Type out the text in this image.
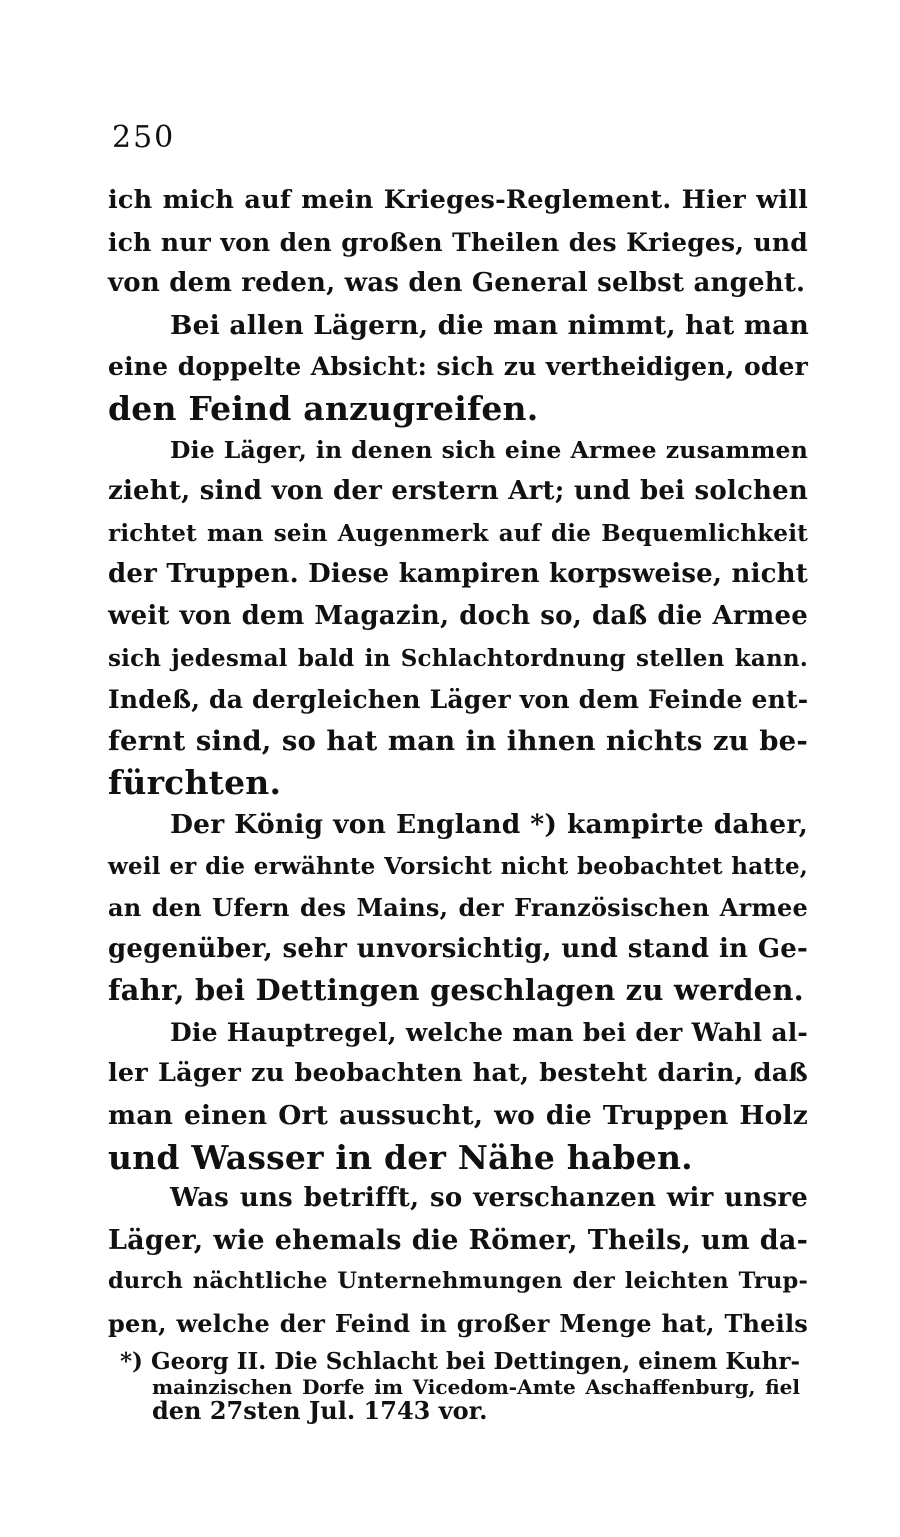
250
ich mich auf mein Krieges-Reglement. Hier will
ich nur von den großen Theilen des Krieges, und
von dem reden, was den General selbst angeht.
Bei allen Lägern, die man nimmt, hat man
eine doppelte Absicht: sich zu vertheidigen, oder
den Feind anzugreifen.
Die Läger, in denen sich eine Armee zusammen
zieht, sind von der erstern Art; und bei solchen
richtet man sein Augenmerk auf die Bequemlichkeit
der Truppen. Diese kampiren korpsweise, nicht
weit von dem Magazin, doch so, daß die Armee
sich jedesmal bald in Schlachtordnung stellen kann.
Indeß, da dergleichen Läger von dem Feinde ent-
fernt sind, so hat man in ihnen nichts zu be-
fürchten.
Der König von England *) kampirte daher,
weil er die erwähnte Vorsicht nicht beobachtet hatte,
an den Ufern des Mains, der Französischen Armee
gegenüber, sehr unvorsichtig, und stand in Ge-
fahr, bei Dettingen geschlagen zu werden.
Die Hauptregel, welche man bei der Wahl al-
ler Läger zu beobachten hat, besteht darin, daß
man einen Ort aussucht, wo die Truppen Holz
und Wasser in der Nähe haben.
Was uns betrifft, so verschanzen wir unsre
Läger, wie ehemals die Römer, Theils, um da-
durch nächtliche Unternehmungen der leichten Trup-
pen, welche der Feind in großer Menge hat, Theils
*) Georg II. Die Schlacht bei Dettingen, einem Kuhr-
mainzischen Dorfe im Vicedom-Amte Aschaffenburg, fiel
den 27sten Jul. 1743 vor.
